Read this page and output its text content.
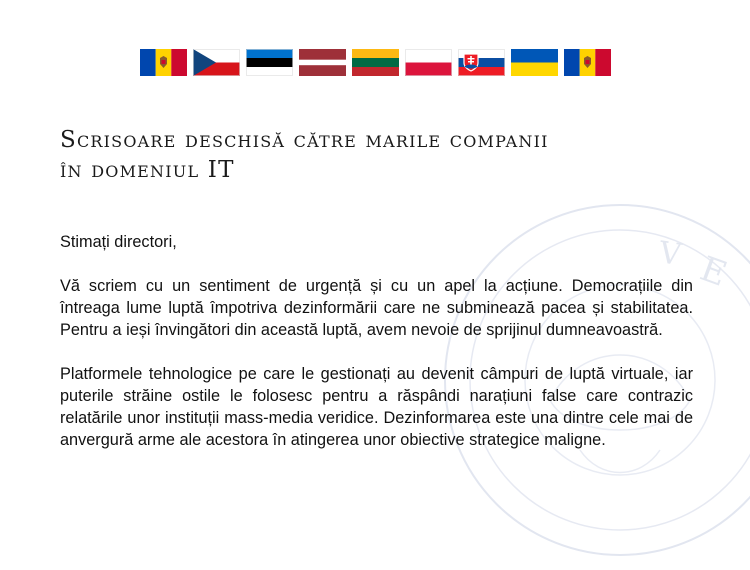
E
V
Scrisoare deschisă către marile companii
în domeniul IT

Stimați directori,

Vă scriem cu un sentiment de urgență și cu un apel la acțiune. Democrațiile din întreaga lume luptă împotriva dezinformării care ne subminează pacea și stabilitatea. Pentru a ieși învingători din această luptă, avem nevoie de sprijinul dumneavoastră.

Platformele tehnologice pe care le gestionați au devenit câmpuri de luptă virtuale, iar puterile străine ostile le folosesc pentru a răspândi narațiuni false care contrazic relatările unor instituții mass-media veridice. Dezinformarea este una dintre cele mai de anvergură arme ale acestora în atingerea unor obiective strategice maligne.
